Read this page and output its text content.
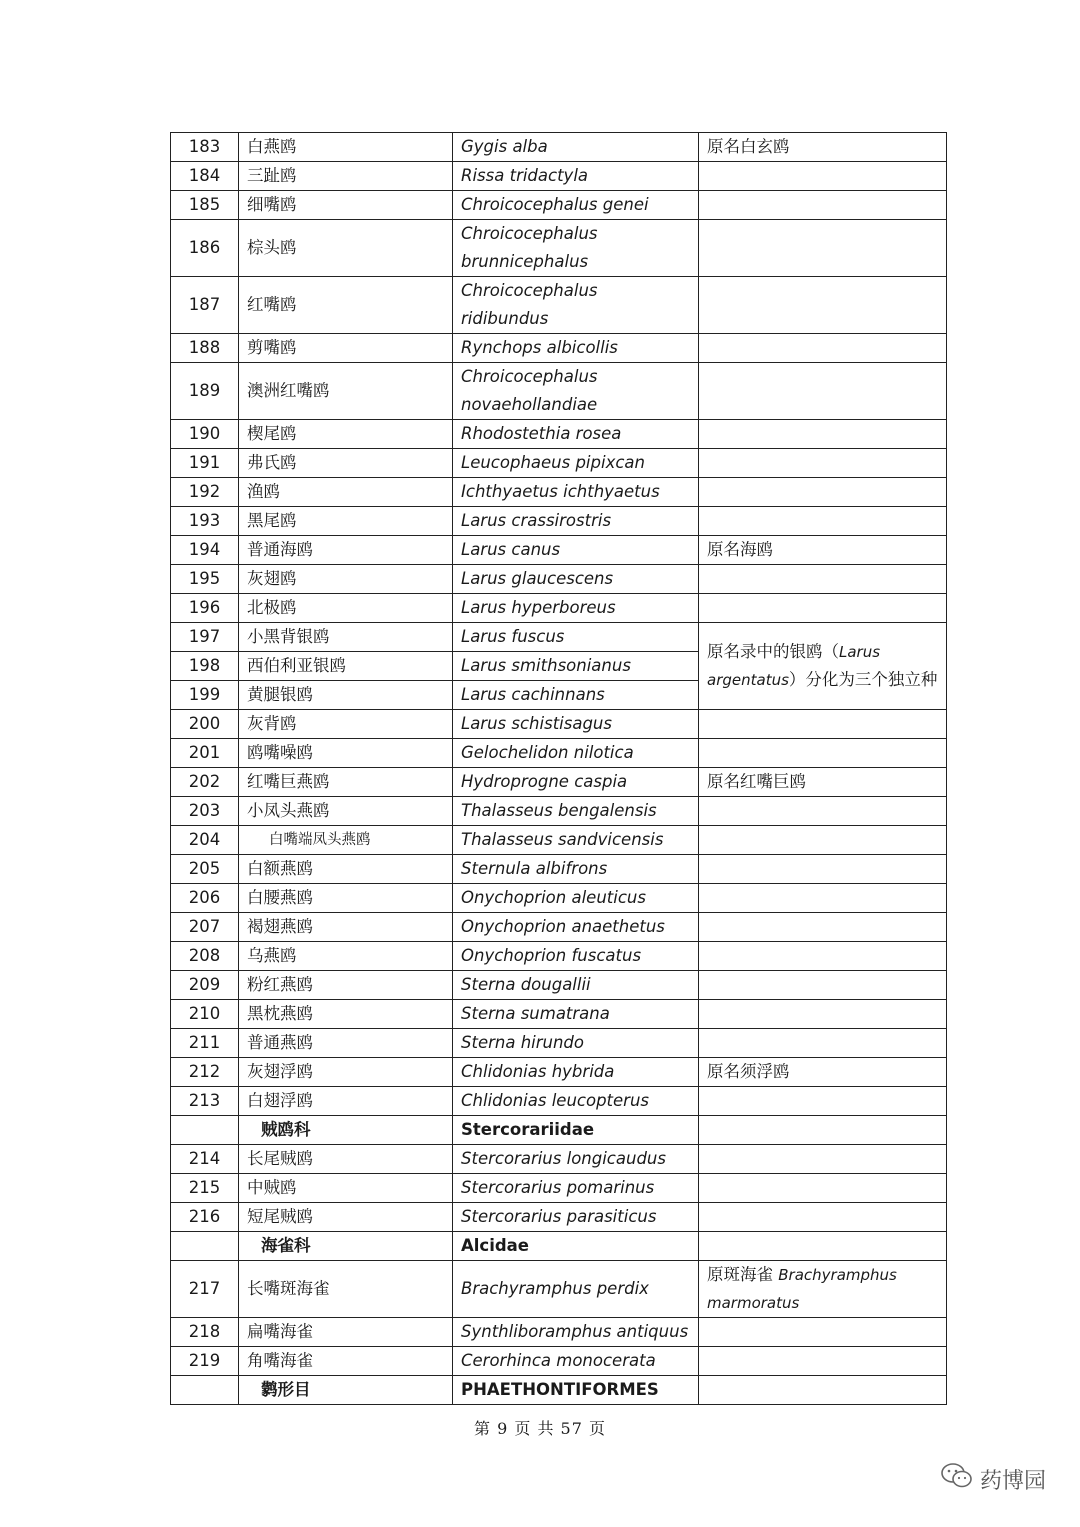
183	白燕鸥	Gygis alba	原名白玄鸥
184	三趾鸥	Rissa tridactyla	
185	细嘴鸥	Chroicocephalus genei	
186	棕头鸥	Chroicocephalus brunnicephalus	
187	红嘴鸥	Chroicocephalus ridibundus	
188	剪嘴鸥	Rynchops albicollis	
189	澳洲红嘴鸥	Chroicocephalus novaehollandiae	
190	楔尾鸥	Rhodostethia rosea	
191	弗氏鸥	Leucophaeus pipixcan	
192	渔鸥	Ichthyaetus ichthyaetus	
193	黑尾鸥	Larus crassirostris	
194	普通海鸥	Larus canus	原名海鸥
195	灰翅鸥	Larus glaucescens	
196	北极鸥	Larus hyperboreus	
197	小黑背银鸥	Larus fuscus	原名录中的银鸥（Larus argentatus）分化为三个独立种
198	西伯利亚银鸥	Larus smithsonianus	
199	黄腿银鸥	Larus cachinnans	
200	灰背鸥	Larus schistisagus	
201	鸥嘴噪鸥	Gelochelidon nilotica	
202	红嘴巨燕鸥	Hydroprogne caspia	原名红嘴巨鸥
203	小凤头燕鸥	Thalasseus bengalensis	
204	白嘴端凤头燕鸥	Thalasseus sandvicensis	
205	白额燕鸥	Sternula albifrons	
206	白腰燕鸥	Onychoprion aleuticus	
207	褐翅燕鸥	Onychoprion anaethetus	
208	乌燕鸥	Onychoprion fuscatus	
209	粉红燕鸥	Sterna dougallii	
210	黑枕燕鸥	Sterna sumatrana	
211	普通燕鸥	Sterna hirundo	
212	灰翅浮鸥	Chlidonias hybrida	原名须浮鸥
213	白翅浮鸥	Chlidonias leucopterus	
	贼鸥科	Stercorariidae	
214	长尾贼鸥	Stercorarius longicaudus	
215	中贼鸥	Stercorarius pomarinus	
216	短尾贼鸥	Stercorarius parasiticus	
	海雀科	Alcidae	
217	长嘴斑海雀	Brachyramphus perdix	原斑海雀 Brachyramphus marmoratus
218	扁嘴海雀	Synthliboramphus antiquus	
219	角嘴海雀	Cerorhinca monocerata	
	鹲形目	PHAETHONTIFORMES	
第 9 页 共 57 页
药博园
